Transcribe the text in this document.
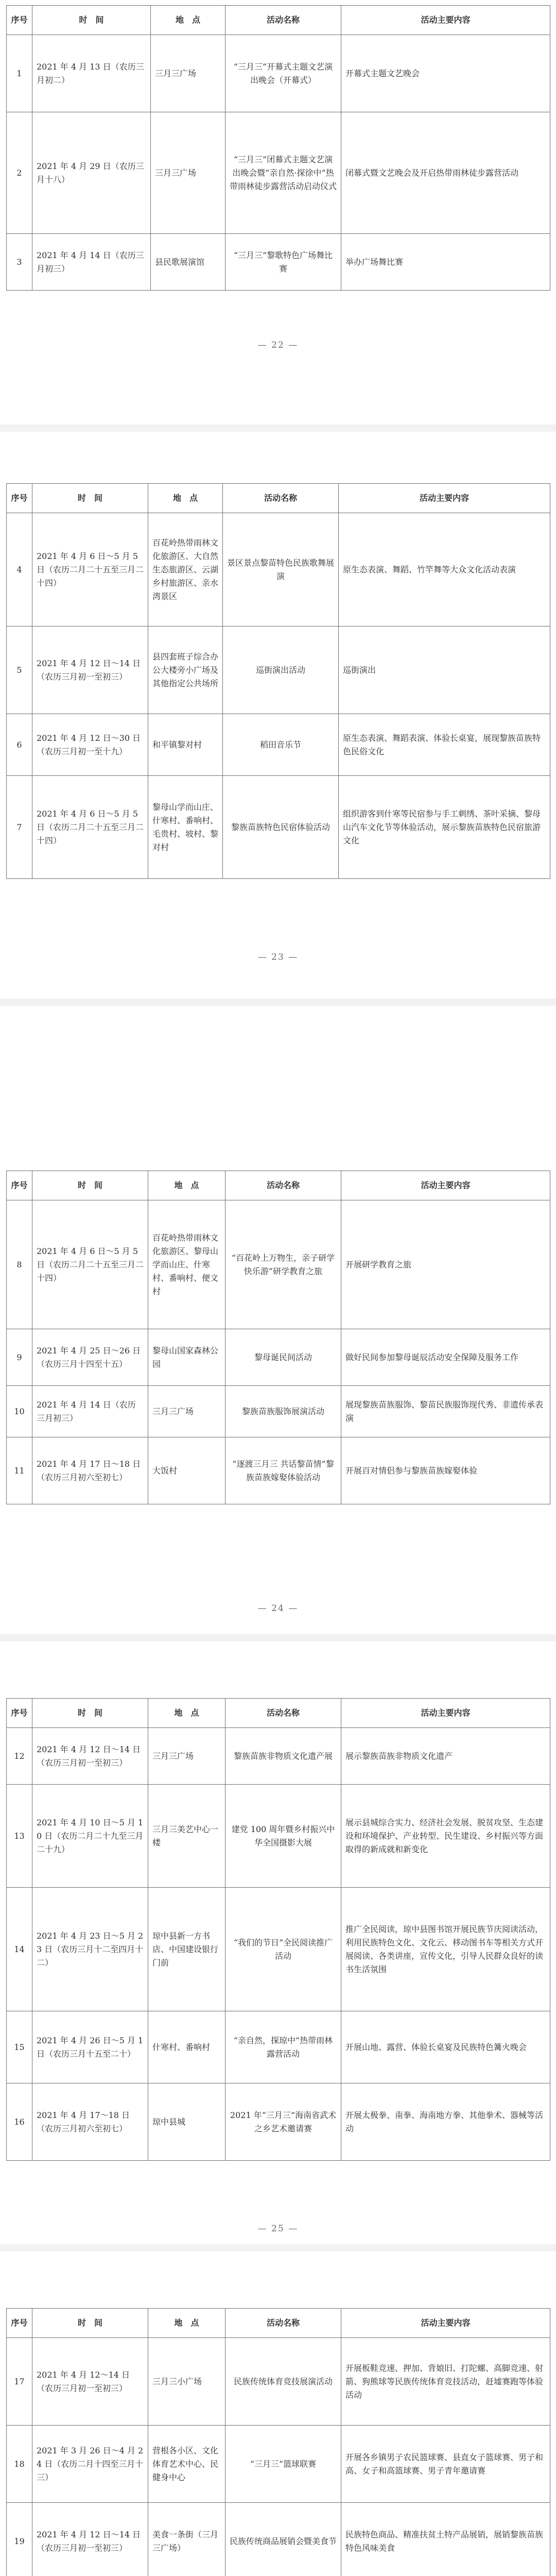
序号	时　间	地　点	活动名称	活动主要内容
1	2021 年 4 月 13 日（农历三月初二）	三月三广场	“三月三”开幕式主题文艺演出晚会（开幕式）	开幕式主题文艺晚会
2	2021 年 4 月 29 日（农历三月十八）	三月三广场	“三月三”闭幕式主题文艺演出晚会暨“亲自然·探徐中”热带雨林徒步露营活动启动仪式	闭幕式暨文艺晚会及开启热带雨林徒步露营活动
3	2021 年 4 月 14 日（农历三月初三）	县民歌展演馆	“三月三”黎歌特色广场舞比赛	举办广场舞比赛
— 22 —
序号	时　间	地　点	活动名称	活动主要内容
4	2021 年 4 月 6 日～5 月 5 日（农历二月二十五至三月二十四）	百花岭热带雨林文化旅游区、大自然生态旅游区、云湖乡村旅游区、亲水湾景区	景区景点黎苗特色民族歌舞展演	原生态表演、舞蹈、竹竿舞等大众文化活动表演
5	2021 年 4 月 12 日～14 日（农历三月初一至初三）	县四套班子综合办公大楼旁小广场及其他指定公共场所	巡街演出活动	巡街演出
6	2021 年 4 月 12 日～30 日（农历三月初一至十九）	和平镇黎对村	稻田音乐节	原生态表演、舞蹈表演、体验长桌宴，展现黎族苗族特色民俗文化
7	2021 年 4 月 6 日～5 月 5 日（农历二月二十五至三月二十四）	黎母山学而山庄、什寒村、番响村、毛贵村、坡村、黎对村	黎族苗族特色民宿体验活动	组织游客到什寒等民宿参与手工刺绣、茶叶采摘、黎母山汽车文化节等体验活动，展示黎族苗族特色民宿旅游文化
— 23 —
序号	时　间	地　点	活动名称	活动主要内容
8	2021 年 4 月 6 日～5 月 5 日（农历二月二十五至三月二十四）	百花岭热带雨林文化旅游区、黎母山学而山庄、什寒村、番响村、便文村	“百花岭上万物生，亲子研学快乐游”研学教育之旅	开展研学教育之旅
9	2021 年 4 月 25 日～26 日（农历三月十四至十五）	黎母山国家森林公园	黎母诞民间活动	做好民间参加黎母诞辰活动安全保障及服务工作
10	2021 年 4 月 14 日（农历三月初三）	三月三广场	黎族苗族服饰展演活动	展现黎族苗族服饰、黎苗民族服饰现代秀、非遗传承表演
11	2021 年 4 月 17 日～18 日（农历三月初六至初七）	大饭村	“逐渡三月三 共话黎苗情”黎族苗族嫁娶体验活动	开展百对情侣参与黎族苗族嫁娶体验
— 24 —
序号	时　间	地　点	活动名称	活动主要内容
12	2021 年 4 月 12 日～14 日（农历三月初一至初三）	三月三广场	黎族苗族非物质文化遗产展	展示黎族苗族非物质文化遗产
13	2021 年 4 月 10 日～5 月 10 日（农历二月二十九至三月二十九）	三月三美艺中心一楼	建党 100 周年暨乡村振兴中华全国摄影大展	展示县城综合实力、经济社会发展、脱贫攻坚、生态建设和环境保护、产业转型、民生建设、乡村振兴等方面取得的新成就和新变化
14	2021 年 4 月 23 日～5 月 23 日（农历三月十二至四月十二）	琼中县新一方书店、中国建设银行门前	“我们的节日”全民阅读推广活动	推广全民阅读，琼中县图书馆开展民族节庆阅读活动，利用民族特色文化、文化云、移动图书车等相关方式开展阅读、各类讲座，宣传文化，引导人民群众良好的读书生活氛围
15	2021 年 4 月 26 日～5 月 1 日（农历三月十五至二十）	什寒村、番响村	“亲自然，探琼中”热带雨林露营活动	开展山地、露营、体验长桌宴及民族特色篝火晚会
16	2021 年 4 月 17～18 日（农历三月初六至初七）	琼中县城	2021 年“三月三”海南省武术之乡艺术邀请赛	开展太极拳、南拳、海南地方拳、其他拳术、器械等活动
— 25 —
序号	时　间	地　点	活动名称	活动主要内容
17	2021 年 4 月 12～14 日（农历三月初一至初三）	三月三小广场	民族传统体育竞技展演活动	开展板鞋竞速、押加、背娘旧、打陀螺、高脚竞速、射箭、狗熊球等民族传统体育竞技活动，赶墟赛跑等体验活动
18	2021 年 3 月 26 日～4 月 24 日（农历二月十四至三月十三）	营根各小区、文化体育艺术中心、民健身中心	“三月三”篮球联赛	开展各乡镇男子农民篮球赛、县直女子篮球赛、男子和高、女子和高篮球赛、男子青年邀请赛
19	2021 年 4 月 12 日～14 日（农历三月初一至初三）	美食一条街（三月三广场）	民族传统商品展销会暨美食节	民族特色商品、精准扶贫土特产品展销，展销黎族苗族特色风味美食
